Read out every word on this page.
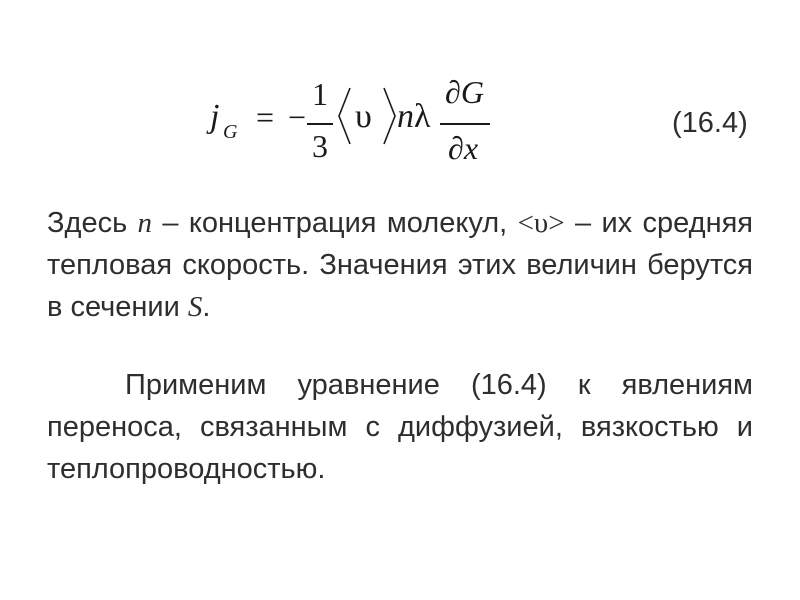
j G = −
1
3
υ nλ
∂G
∂x
(16.4)

Здесь n – концентрация молекул, <υ> – их средняя тепловая скорость. Значения этих величин берутся в сечении S.

Применим уравнение (16.4) к явлениям переноса, связанным с диффузией, вязкостью и теплопроводностью.
